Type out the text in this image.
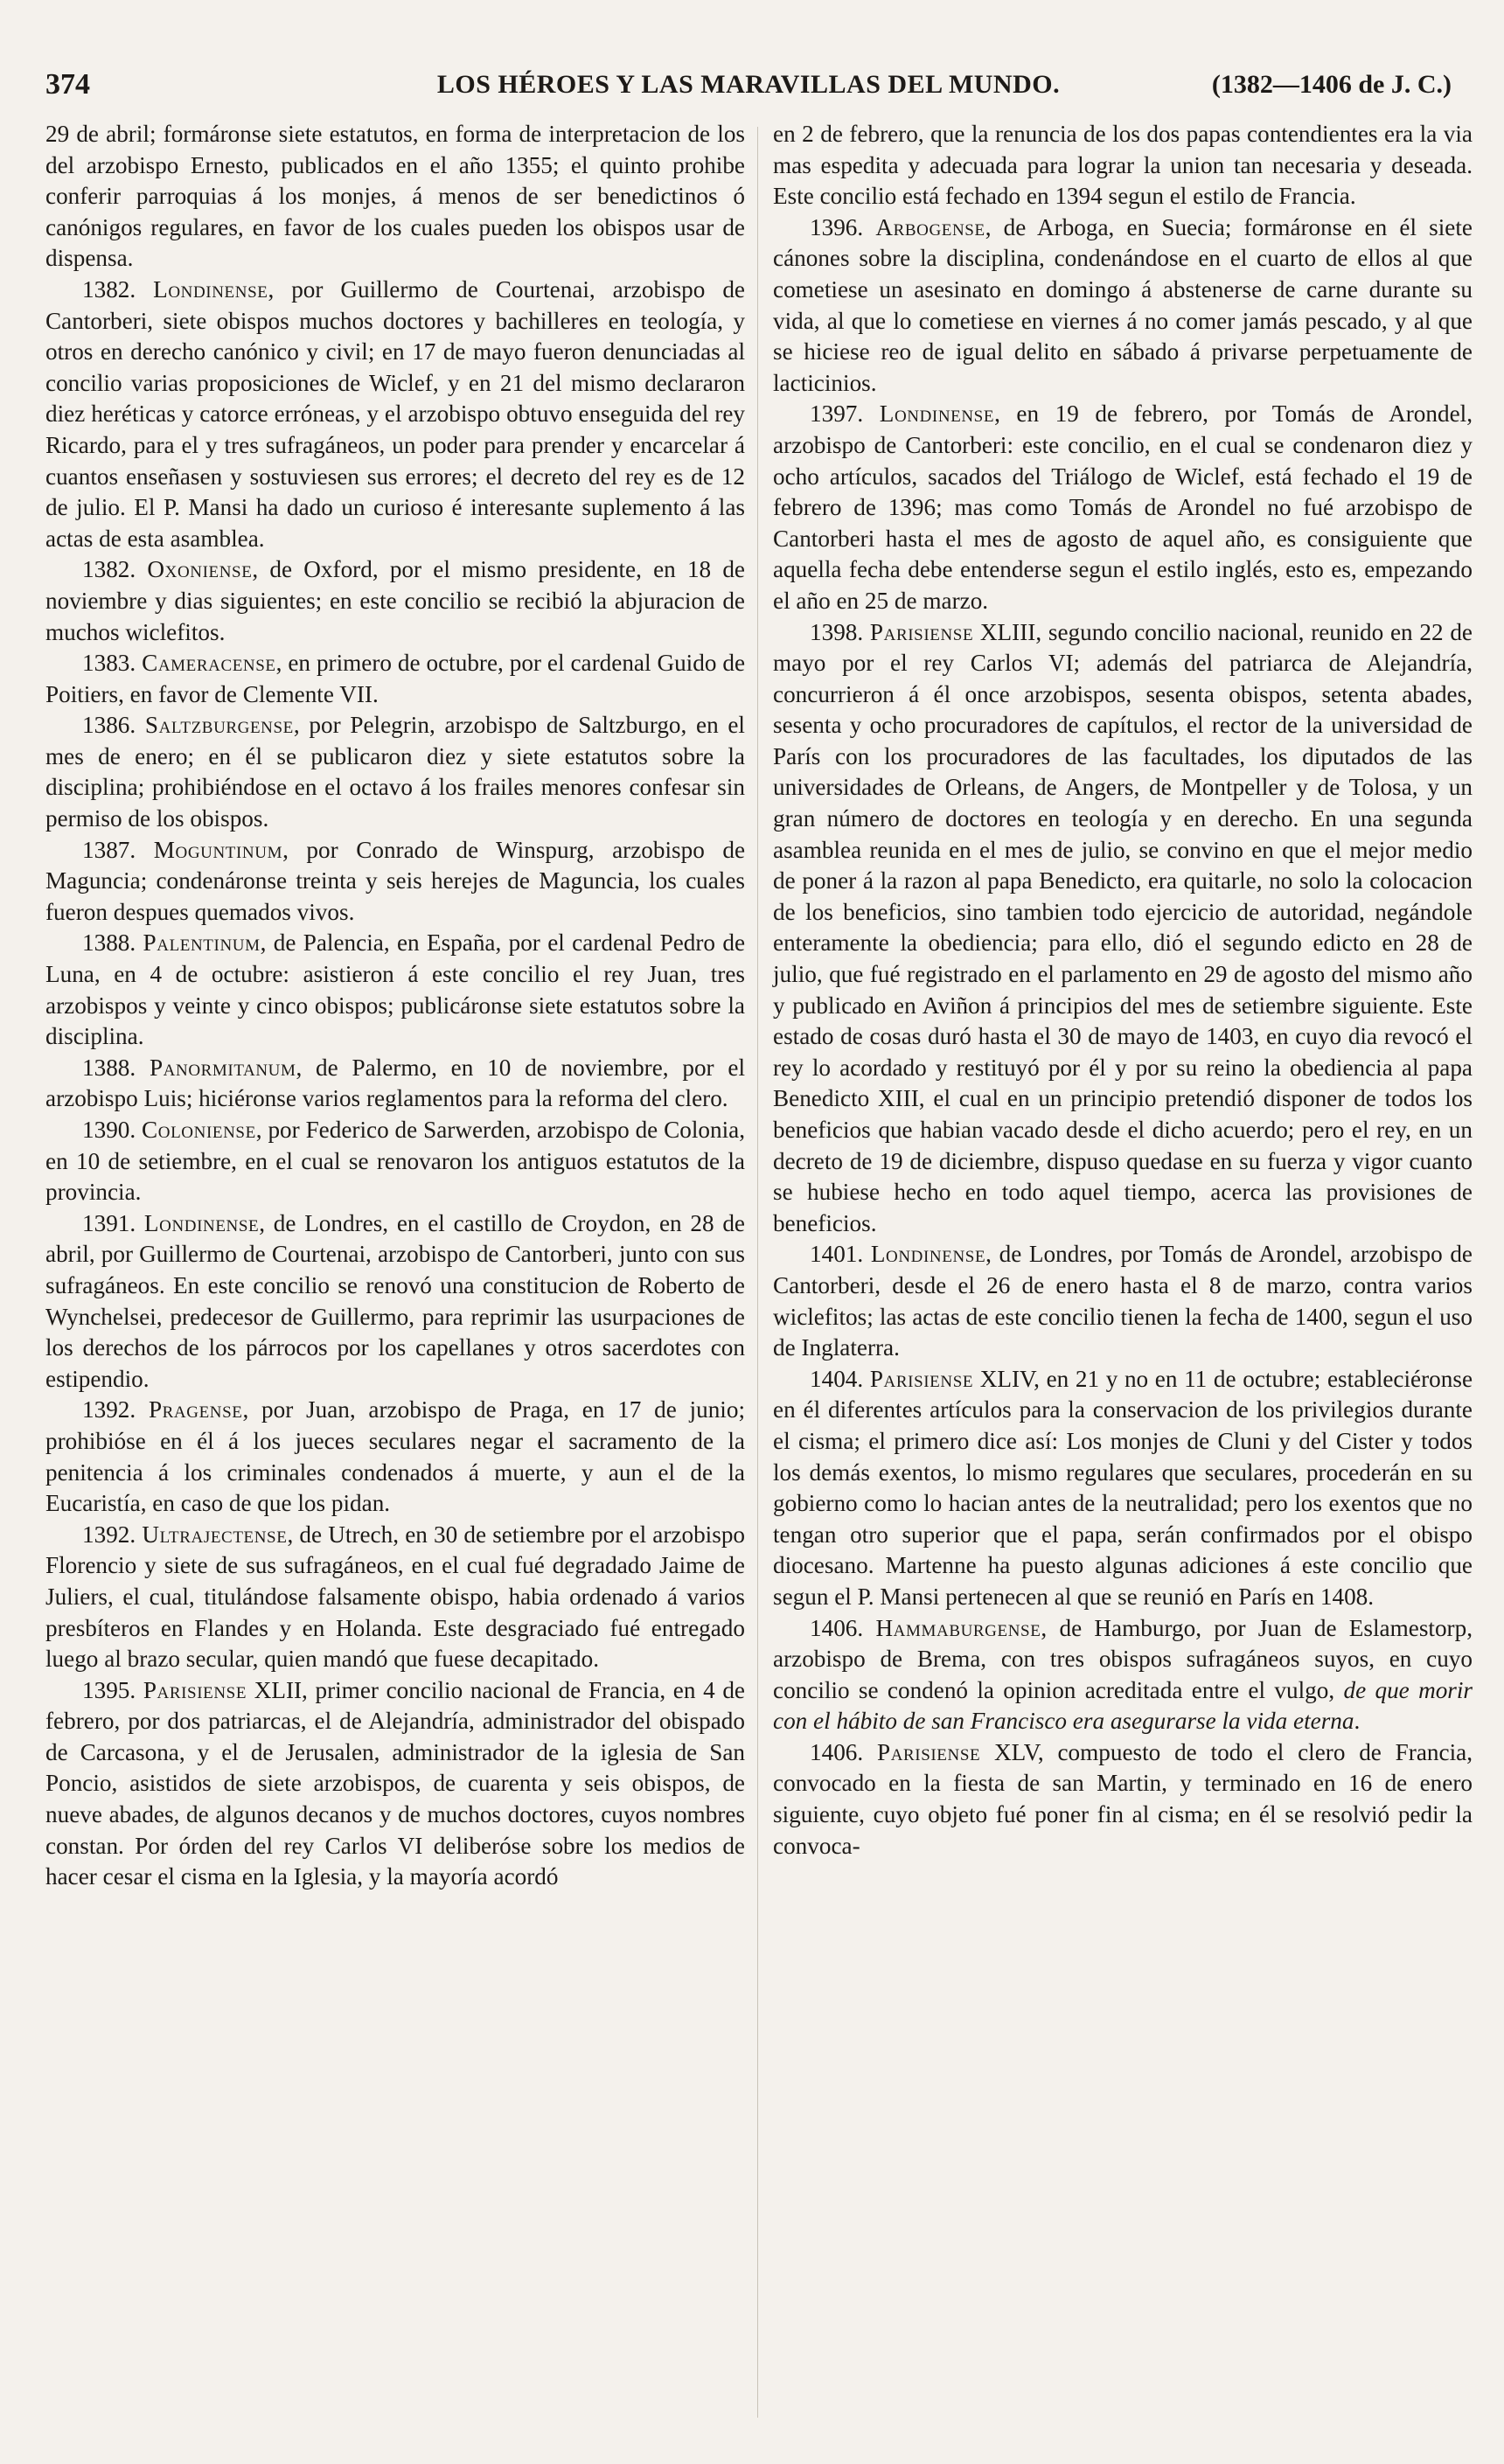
374	LOS HÉROES Y LAS MARAVILLAS DEL MUNDO.	(1382—1406 de J. C.)

29 de abril; formáronse siete estatutos, en forma de interpretacion de los del arzobispo Ernesto, publicados en el año 1355; el quinto prohibe conferir parroquias á los monjes, á menos de ser benedictinos ó canónigos regulares, en favor de los cuales pueden los obispos usar de dispensa.

1382. Londinense, por Guillermo de Courtenai, arzobispo de Cantorberi, siete obispos muchos doctores y bachilleres en teología, y otros en derecho canónico y civil; en 17 de mayo fueron denunciadas al concilio varias proposiciones de Wiclef, y en 21 del mismo declararon diez heréticas y catorce erróneas, y el arzobispo obtuvo enseguida del rey Ricardo, para el y tres sufragáneos, un poder para prender y encarcelar á cuantos enseñasen y sostuviesen sus errores; el decreto del rey es de 12 de julio. El P. Mansi ha dado un curioso é interesante suplemento á las actas de esta asamblea.

1382. Oxoniense, de Oxford, por el mismo presidente, en 18 de noviembre y dias siguientes; en este concilio se recibió la abjuracion de muchos wiclefitos.

1383. Cameracense, en primero de octubre, por el cardenal Guido de Poitiers, en favor de Clemente VII.

1386. Saltzburgense, por Pelegrin, arzobispo de Saltzburgo, en el mes de enero; en él se publicaron diez y siete estatutos sobre la disciplina; prohibiéndose en el octavo á los frailes menores confesar sin permiso de los obispos.

1387. Moguntinum, por Conrado de Winspurg, arzobispo de Maguncia; condenáronse treinta y seis herejes de Maguncia, los cuales fueron despues quemados vivos.

1388. Palentinum, de Palencia, en España, por el cardenal Pedro de Luna, en 4 de octubre: asistieron á este concilio el rey Juan, tres arzobispos y veinte y cinco obispos; publicáronse siete estatutos sobre la disciplina.

1388. Panormitanum, de Palermo, en 10 de noviembre, por el arzobispo Luis; hiciéronse varios reglamentos para la reforma del clero.

1390. Coloniense, por Federico de Sarwerden, arzobispo de Colonia, en 10 de setiembre, en el cual se renovaron los antiguos estatutos de la provincia.

1391. Londinense, de Londres, en el castillo de Croydon, en 28 de abril, por Guillermo de Courtenai, arzobispo de Cantorberi, junto con sus sufragáneos. En este concilio se renovó una constitucion de Roberto de Wynchelsei, predecesor de Guillermo, para reprimir las usurpaciones de los derechos de los párrocos por los capellanes y otros sacerdotes con estipendio.

1392. Pragense, por Juan, arzobispo de Praga, en 17 de junio; prohibióse en él á los jueces seculares negar el sacramento de la penitencia á los criminales condenados á muerte, y aun el de la Eucaristía, en caso de que los pidan.

1392. Ultrajectense, de Utrech, en 30 de setiembre por el arzobispo Florencio y siete de sus sufragáneos, en el cual fué degradado Jaime de Juliers, el cual, titulándose falsamente obispo, habia ordenado á varios presbíteros en Flandes y en Holanda. Este desgraciado fué entregado luego al brazo secular, quien mandó que fuese decapitado.

1395. Parisiense XLII, primer concilio nacional de Francia, en 4 de febrero, por dos patriarcas, el de Alejandría, administrador del obispado de Carcasona, y el de Jerusalen, administrador de la iglesia de San Poncio, asistidos de siete arzobispos, de cuarenta y seis obispos, de nueve abades, de algunos decanos y de muchos doctores, cuyos nombres constan. Por órden del rey Carlos VI deliberóse sobre los medios de hacer cesar el cisma en la Iglesia, y la mayoría acordó

en 2 de febrero, que la renuncia de los dos papas contendientes era la via mas espedita y adecuada para lograr la union tan necesaria y deseada. Este concilio está fechado en 1394 segun el estilo de Francia.

1396. Arbogense, de Arboga, en Suecia; formáronse en él siete cánones sobre la disciplina, condenándose en el cuarto de ellos al que cometiese un asesinato en domingo á abstenerse de carne durante su vida, al que lo cometiese en viernes á no comer jamás pescado, y al que se hiciese reo de igual delito en sábado á privarse perpetuamente de lacticinios.

1397. Londinense, en 19 de febrero, por Tomás de Arondel, arzobispo de Cantorberi: este concilio, en el cual se condenaron diez y ocho artículos, sacados del Triálogo de Wiclef, está fechado el 19 de febrero de 1396; mas como Tomás de Arondel no fué arzobispo de Cantorberi hasta el mes de agosto de aquel año, es consiguiente que aquella fecha debe entenderse segun el estilo inglés, esto es, empezando el año en 25 de marzo.

1398. Parisiense XLIII, segundo concilio nacional, reunido en 22 de mayo por el rey Carlos VI; además del patriarca de Alejandría, concurrieron á él once arzobispos, sesenta obispos, setenta abades, sesenta y ocho procuradores de capítulos, el rector de la universidad de París con los procuradores de las facultades, los diputados de las universidades de Orleans, de Angers, de Montpeller y de Tolosa, y un gran número de doctores en teología y en derecho. En una segunda asamblea reunida en el mes de julio, se convino en que el mejor medio de poner á la razon al papa Benedicto, era quitarle, no solo la colocacion de los beneficios, sino tambien todo ejercicio de autoridad, negándole enteramente la obediencia; para ello, dió el segundo edicto en 28 de julio, que fué registrado en el parlamento en 29 de agosto del mismo año y publicado en Aviñon á principios del mes de setiembre siguiente. Este estado de cosas duró hasta el 30 de mayo de 1403, en cuyo dia revocó el rey lo acordado y restituyó por él y por su reino la obediencia al papa Benedicto XIII, el cual en un principio pretendió disponer de todos los beneficios que habian vacado desde el dicho acuerdo; pero el rey, en un decreto de 19 de diciembre, dispuso quedase en su fuerza y vigor cuanto se hubiese hecho en todo aquel tiempo, acerca las provisiones de beneficios.

1401. Londinense, de Londres, por Tomás de Arondel, arzobispo de Cantorberi, desde el 26 de enero hasta el 8 de marzo, contra varios wiclefitos; las actas de este concilio tienen la fecha de 1400, segun el uso de Inglaterra.

1404. Parisiense XLIV, en 21 y no en 11 de octubre; estableciéronse en él diferentes artículos para la conservacion de los privilegios durante el cisma; el primero dice así: Los monjes de Cluni y del Cister y todos los demás exentos, lo mismo regulares que seculares, procederán en su gobierno como lo hacian antes de la neutralidad; pero los exentos que no tengan otro superior que el papa, serán confirmados por el obispo diocesano. Martenne ha puesto algunas adiciones á este concilio que segun el P. Mansi pertenecen al que se reunió en París en 1408.

1406. Hammaburgense, de Hamburgo, por Juan de Eslamestorp, arzobispo de Brema, con tres obispos sufragáneos suyos, en cuyo concilio se condenó la opinion acreditada entre el vulgo, de que morir con el hábito de san Francisco era asegurarse la vida eterna.

1406. Parisiense XLV, compuesto de todo el clero de Francia, convocado en la fiesta de san Martin, y terminado en 16 de enero siguiente, cuyo objeto fué poner fin al cisma; en él se resolvió pedir la convoca-
